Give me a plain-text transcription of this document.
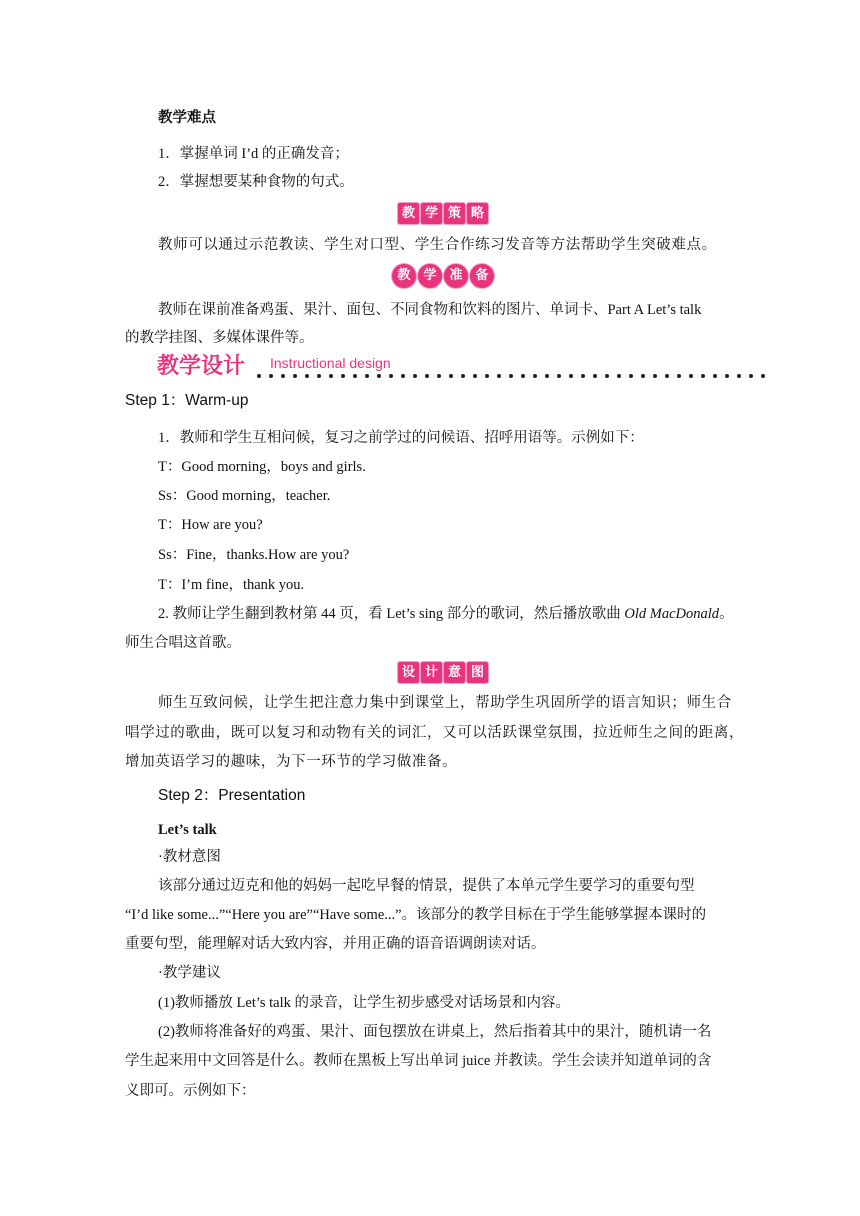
教学难点
1．掌握单词 I’d 的正确发音；
2．掌握想要某种食物的句式。
教 学 策 略
教师可以通过示范教读、学生对口型、学生合作练习发音等方法帮助学生突破难点。
教 学 准 备
教师在课前准备鸡蛋、果汁、面包、不同食物和饮料的图片、单词卡、Part A Let’s talk
的教学挂图、多媒体课件等。
教学设计 Instructional design
Step 1：Warm-up
1．教师和学生互相问候，复习之前学过的问候语、招呼用语等。示例如下：
T：Good morning，boys and girls.
Ss：Good morning，teacher.
T：How are you?
Ss：Fine，thanks.How are you?
T：I’m fine，thank you.
2. 教师让学生翻到教材第 44 页，看 Let’s sing 部分的歌词，然后播放歌曲 Old MacDonald。
师生合唱这首歌。
设 计 意 图
师生互致问候，让学生把注意力集中到课堂上，帮助学生巩固所学的语言知识；师生合
唱学过的歌曲，既可以复习和动物有关的词汇，又可以活跃课堂氛围，拉近师生之间的距离，
增加英语学习的趣味，为下一环节的学习做准备。
Step 2：Presentation
Let’s talk
·教材意图
该部分通过迈克和他的妈妈一起吃早餐的情景，提供了本单元学生要学习的重要句型
“I’d like some...”“Here you are”“Have some...”。该部分的教学目标在于学生能够掌握本课时的
重要句型，能理解对话大致内容，并用正确的语音语调朗读对话。
·教学建议
(1)教师播放 Let’s talk 的录音，让学生初步感受对话场景和内容。
(2)教师将准备好的鸡蛋、果汁、面包摆放在讲桌上，然后指着其中的果汁，随机请一名
学生起来用中文回答是什么。教师在黑板上写出单词 juice 并教读。学生会读并知道单词的含
义即可。示例如下：
